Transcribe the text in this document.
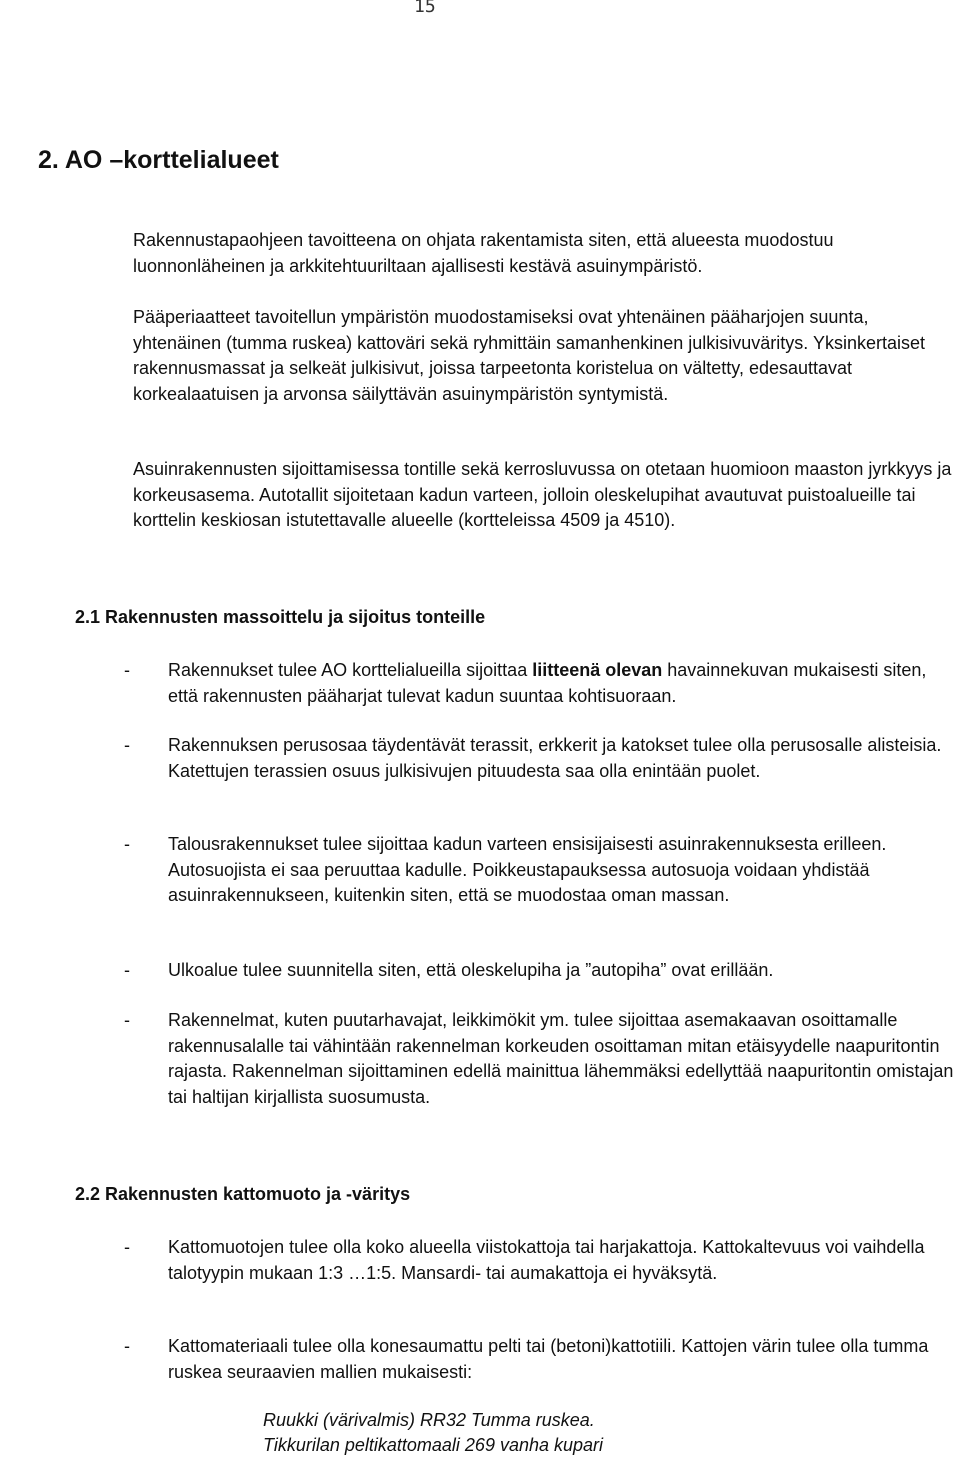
15
2. AO –korttelialueet

Rakennustapaohjeen tavoitteena on ohjata rakentamista siten, että alueesta muodostuu luonnonläheinen ja arkkitehtuuriltaan ajallisesti kestävä asuinympäristö.

Pääperiaatteet tavoitellun ympäristön muodostamiseksi ovat yhtenäinen pääharjojen suunta, yhtenäinen (tumma ruskea) kattoväri sekä ryhmittäin samanhenkinen julkisivuväritys. Yksinkertaiset rakennusmassat ja selkeät julkisivut, joissa tarpeetonta koristelua on vältetty, edesauttavat korkealaatuisen ja arvonsa säilyttävän asuinympäristön syntymistä.

Asuinrakennusten sijoittamisessa tontille sekä kerrosluvussa on otetaan huomioon maaston jyrkkyys ja korkeusasema. Autotallit sijoitetaan kadun varteen, jolloin oleskelupihat avautuvat puistoalueille tai korttelin keskiosan istutettavalle alueelle (kortteleissa 4509 ja 4510).

2.1 Rakennusten massoittelu ja sijoitus tonteille
- Rakennukset tulee AO korttelialueilla sijoittaa liitteenä olevan havainnekuvan mukaisesti siten, että rakennusten pääharjat tulevat kadun suuntaa kohtisuoraan.
- Rakennuksen perusosaa täydentävät terassit, erkkerit ja katokset tulee olla perusosalle alisteisia. Katettujen terassien osuus julkisivujen pituudesta saa olla enintään puolet.
- Talousrakennukset tulee sijoittaa kadun varteen ensisijaisesti asuinrakennuksesta erilleen. Autosuojista ei saa peruuttaa kadulle. Poikkeustapauksessa autosuoja voidaan yhdistää asuinrakennukseen, kuitenkin siten, että se muodostaa oman massan.
- Ulkoalue tulee suunnitella siten, että oleskelupiha ja ”autopiha” ovat erillään.
- Rakennelmat, kuten puutarhavajat, leikkimökit ym. tulee sijoittaa asemakaavan osoittamalle rakennusalalle tai vähintään rakennelman korkeuden osoittaman mitan etäisyydelle naapuritontin rajasta. Rakennelman sijoittaminen edellä mainittua lähemmäksi edellyttää naapuritontin omistajan tai haltijan kirjallista suosumusta.
2.2 Rakennusten kattomuoto ja -väritys
- Kattomuotojen tulee olla koko alueella viistokattoja tai harjakattoja. Kattokaltevuus voi vaihdella talotyypin mukaan 1:3 …1:5. Mansardi- tai aumakattoja ei hyväksytä.
- Kattomateriaali tulee olla konesaumattu pelti tai (betoni)kattotiili. Kattojen värin tulee olla tumma ruskea seuraavien mallien mukaisesti:
Ruukki (värivalmis) RR32 Tumma ruskea.
Tikkurilan peltikattomaali 269 vanha kupari
